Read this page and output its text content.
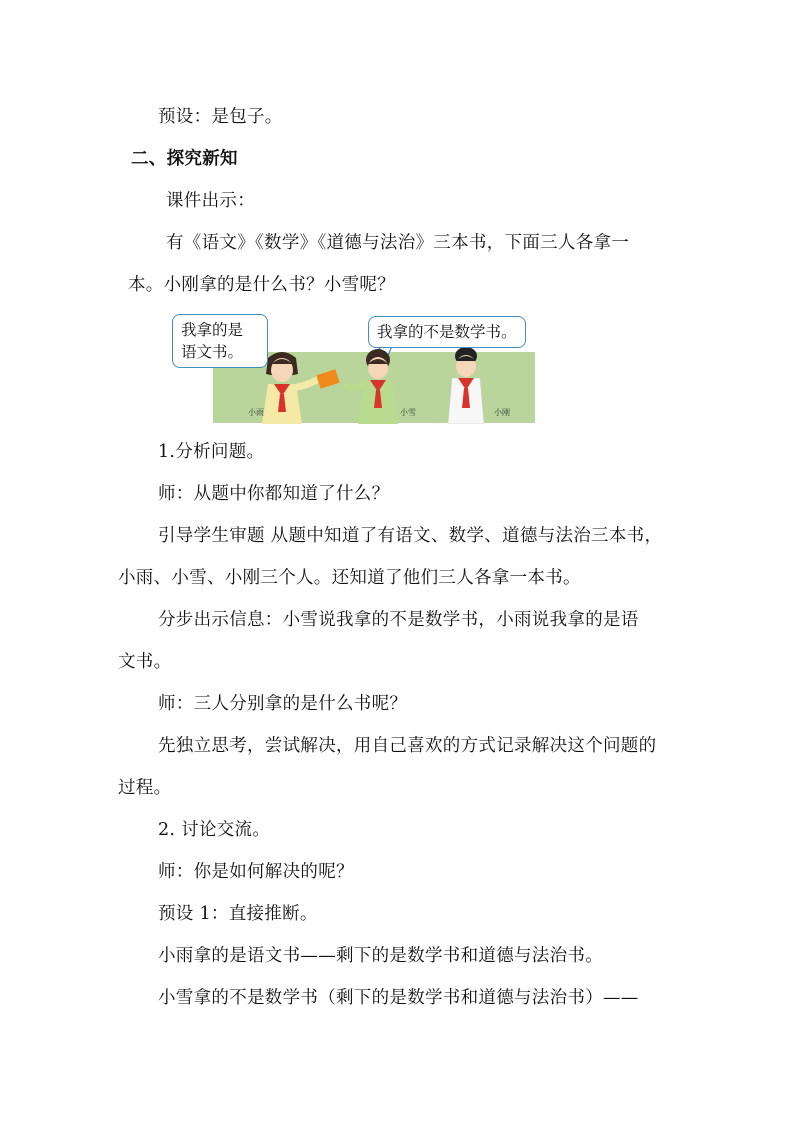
预设：是包子。
二、探究新知
课件出示：
有《语文》《数学》《道德与法治》三本书，下面三人各拿一
本。小刚拿的是什么书？小雪呢？
我拿的是
语文书。
我拿的不是数学书。
小雨	小雪	小刚
1.分析问题。
师：从题中你都知道了什么？
引导学生审题 从题中知道了有语文、数学、道德与法治三本书，
小雨、小雪、小刚三个人。还知道了他们三人各拿一本书。
分步出示信息：小雪说我拿的不是数学书，小雨说我拿的是语
文书。
师：三人分别拿的是什么书呢？
先独立思考，尝试解决，用自己喜欢的方式记录解决这个问题的
过程。
2. 讨论交流。
师：你是如何解决的呢？
预设 1：直接推断。
小雨拿的是语文书——剩下的是数学书和道德与法治书。
小雪拿的不是数学书（剩下的是数学书和道德与法治书）——
